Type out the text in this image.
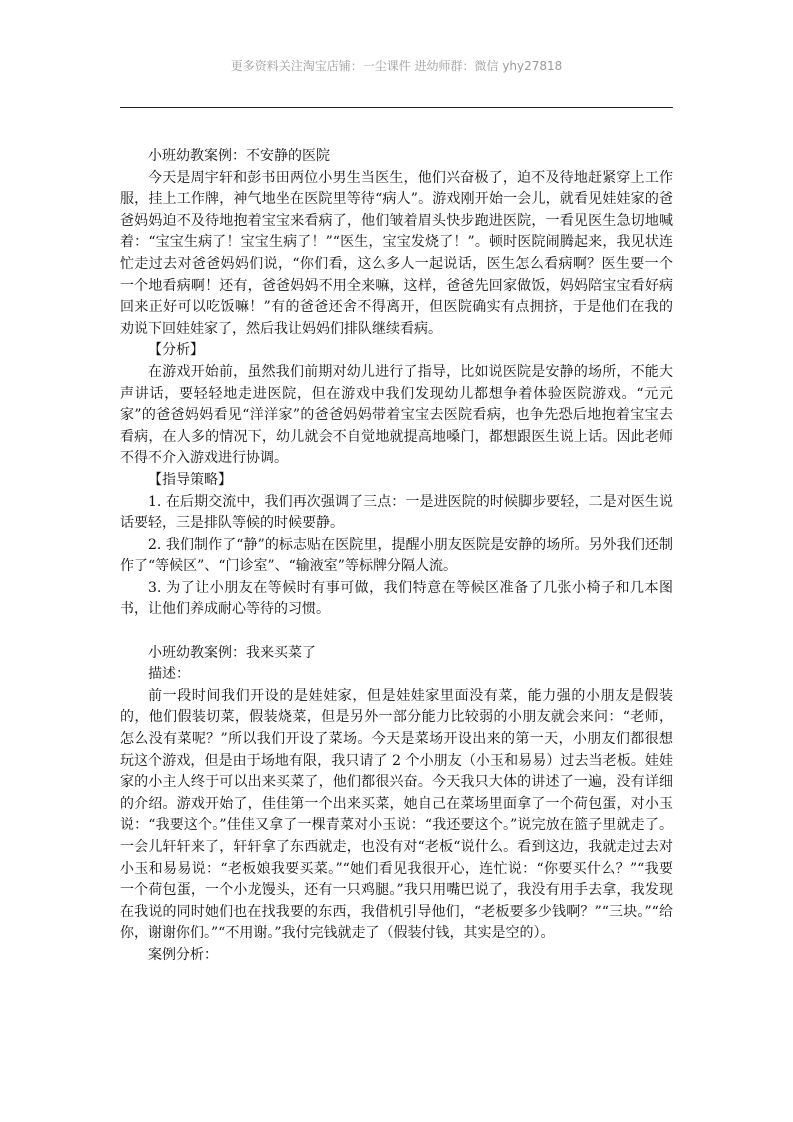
更多资料关注淘宝店铺：一尘课件 进幼师群：微信 yhy27818

小班幼教案例：不安静的医院

今天是周宇轩和彭书田两位小男生当医生，他们兴奋极了，迫不及待地赶紧穿上工作服，挂上工作牌，神气地坐在医院里等待“病人”。游戏刚开始一会儿，就看见娃娃家的爸爸妈妈迫不及待地抱着宝宝来看病了，他们皱着眉头快步跑进医院，一看见医生急切地喊着：“宝宝生病了！宝宝生病了！”“医生，宝宝发烧了！”。顿时医院闹腾起来，我见状连忙走过去对爸爸妈妈们说，“你们看，这么多人一起说话，医生怎么看病啊？医生要一个一个地看病啊！还有，爸爸妈妈不用全来嘛，这样，爸爸先回家做饭，妈妈陪宝宝看好病回来正好可以吃饭嘛！”有的爸爸还舍不得离开，但医院确实有点拥挤，于是他们在我的劝说下回娃娃家了，然后我让妈妈们排队继续看病。

【分析】

在游戏开始前，虽然我们前期对幼儿进行了指导，比如说医院是安静的场所，不能大声讲话，要轻轻地走进医院，但在游戏中我们发现幼儿都想争着体验医院游戏。“元元家”的爸爸妈妈看见“洋洋家”的爸爸妈妈带着宝宝去医院看病，也争先恐后地抱着宝宝去看病，在人多的情况下，幼儿就会不自觉地就提高地嗓门，都想跟医生说上话。因此老师不得不介入游戏进行协调。

【指导策略】

1. 在后期交流中，我们再次强调了三点：一是进医院的时候脚步要轻，二是对医生说话要轻，三是排队等候的时候要静。

2. 我们制作了“静”的标志贴在医院里，提醒小朋友医院是安静的场所。另外我们还制作了“等候区”、“门诊室”、“输液室”等标牌分隔人流。

3. 为了让小朋友在等候时有事可做，我们特意在等候区准备了几张小椅子和几本图书，让他们养成耐心等待的习惯。

小班幼教案例：我来买菜了

描述：

前一段时间我们开设的是娃娃家，但是娃娃家里面没有菜，能力强的小朋友是假装的，他们假装切菜，假装烧菜，但是另外一部分能力比较弱的小朋友就会来问：“老师，怎么没有菜呢？”所以我们开设了菜场。今天是菜场开设出来的第一天，小朋友们都很想玩这个游戏，但是由于场地有限，我只请了 2 个小朋友（小玉和易易）过去当老板。娃娃家的小主人终于可以出来买菜了，他们都很兴奋。今天我只大体的讲述了一遍，没有详细的介绍。游戏开始了，佳佳第一个出来买菜，她自己在菜场里面拿了一个荷包蛋，对小玉说：“我要这个。”佳佳又拿了一棵青菜对小玉说：“我还要这个。”说完放在篮子里就走了。一会儿轩轩来了，轩轩拿了东西就走，也没有对“老板“说什么。看到这边，我就走过去对小玉和易易说：“老板娘我要买菜。”“她们看见我很开心，连忙说：“你要买什么？”“我要一个荷包蛋，一个小龙馒头，还有一只鸡腿。”我只用嘴巴说了，我没有用手去拿，我发现在我说的同时她们也在找我要的东西，我借机引导他们，“老板要多少钱啊？”“三块。”“给你，谢谢你们。”“不用谢。”我付完钱就走了（假装付钱，其实是空的）。

案例分析：
